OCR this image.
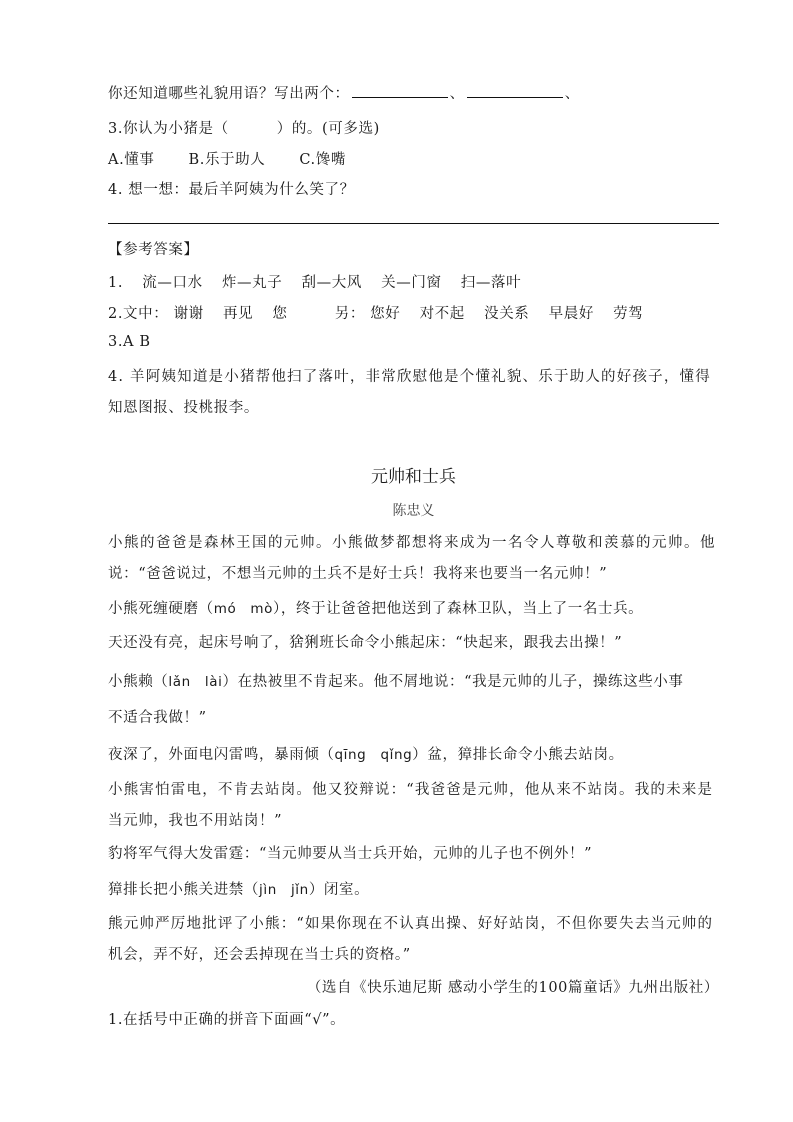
你还知道哪些礼貌用语？写出两个：	、	、
3.你认为小猪是（	）的。(可多选)
A.懂事 B.乐于助人 C.馋嘴
4. 想一想：最后羊阿姨为什么笑了？
【参考答案】
1. 流—口水 炸—丸子 刮—大风 关—门窗 扫—落叶
2.文中： 谢谢 再见 您	另： 您好 对不起 没关系 早晨好 劳驾
3.A B
4. 羊阿姨知道是小猪帮他扫了落叶，非常欣慰他是个懂礼貌、乐于助人的好孩子，懂得
知恩图报、投桃报李。
元帅和士兵
陈忠义
小熊的爸爸是森林王国的元帅。小熊做梦都想将来成为一名令人尊敬和羡慕的元帅。他
说：“爸爸说过，不想当元帅的土兵不是好士兵！我将来也要当一名元帅！”
小熊死缠硬磨（mó　mò），终于让爸爸把他送到了森林卫队，当上了一名士兵。
天还没有亮，起床号响了，猞猁班长命令小熊起床：“快起来，跟我去出操！”
小熊赖（lǎn　lài）在热被里不肯起来。他不屑地说：“我是元帅的儿子，操练这些小事
不适合我做！”
夜深了，外面电闪雷鸣，暴雨倾（qīng　qǐng）盆，獐排长命令小熊去站岗。
小熊害怕雷电，不肯去站岗。他又狡辩说：“我爸爸是元帅，他从来不站岗。我的未来是
当元帅，我也不用站岗！”
豹将军气得大发雷霆：“当元帅要从当士兵开始，元帅的儿子也不例外！”
獐排长把小熊关进禁（jìn　jǐn）闭室。
熊元帅严厉地批评了小熊：“如果你现在不认真出操、好好站岗，不但你要失去当元帅的
机会，弄不好，还会丢掉现在当士兵的资格。”
（选自《快乐迪尼斯 感动小学生的100篇童话》九州出版社）
1.在括号中正确的拼音下面画“√”。
